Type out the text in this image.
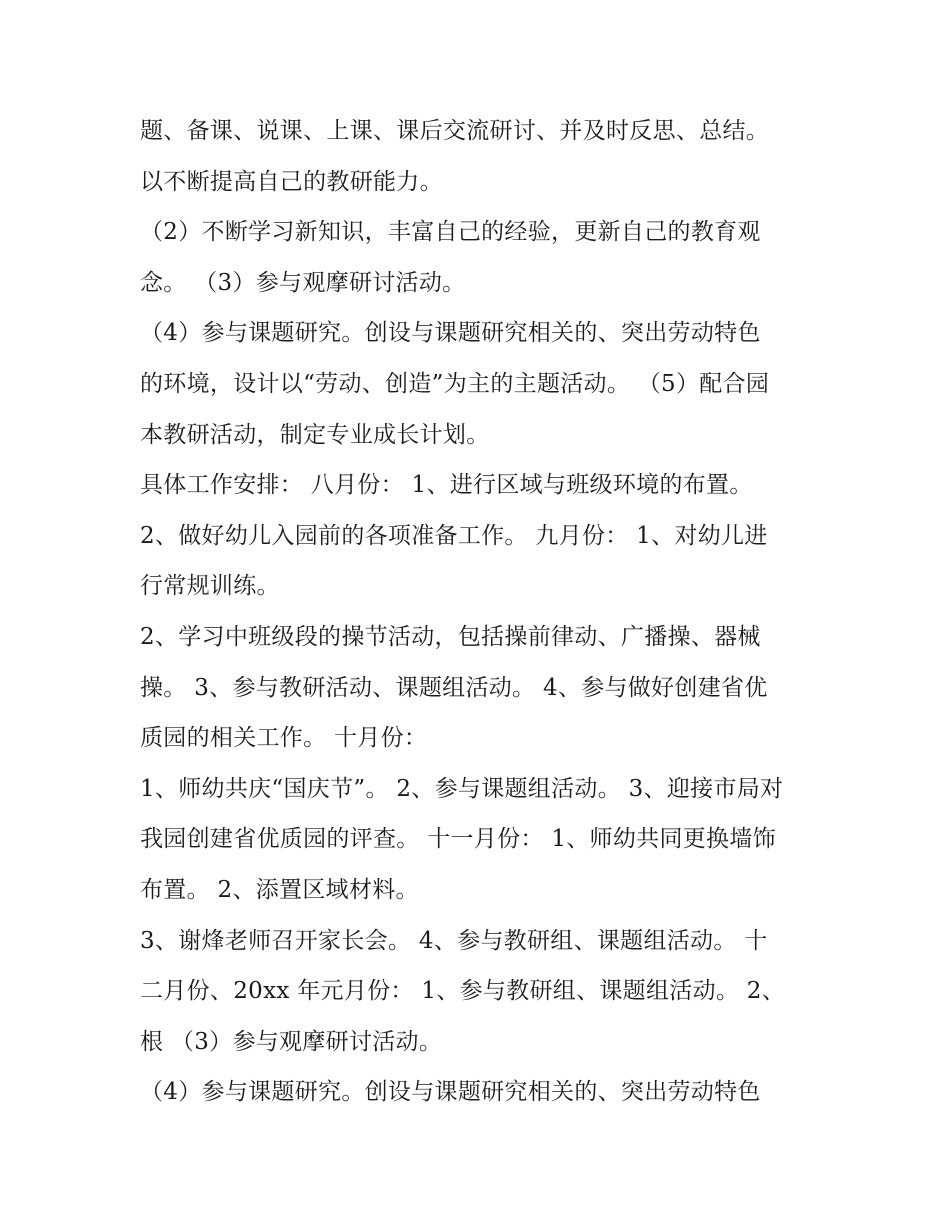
题、备课、说课、上课、课后交流研讨、并及时反思、总结。
以不断提高自己的教研能力。
（2）不断学习新知识，丰富自己的经验，更新自己的教育观
念。 （3）参与观摩研讨活动。
（4）参与课题研究。创设与课题研究相关的、突出劳动特色
的环境，设计以“劳动、创造”为主的主题活动。 （5）配合园
本教研活动，制定专业成长计划。
具体工作安排： 八月份： 1、进行区域与班级环境的布置。
2、做好幼儿入园前的各项准备工作。 九月份： 1、对幼儿进
行常规训练。
2、学习中班级段的操节活动，包括操前律动、广播操、器械
操。 3、参与教研活动、课题组活动。 4、参与做好创建省优
质园的相关工作。 十月份：
1、师幼共庆“国庆节”。 2、参与课题组活动。 3、迎接市局对
我园创建省优质园的评查。 十一月份： 1、师幼共同更换墙饰
布置。 2、添置区域材料。
3、谢烽老师召开家长会。 4、参与教研组、课题组活动。 十
二月份、20xx 年元月份： 1、参与教研组、课题组活动。 2、
根 （3）参与观摩研讨活动。
（4）参与课题研究。创设与课题研究相关的、突出劳动特色
